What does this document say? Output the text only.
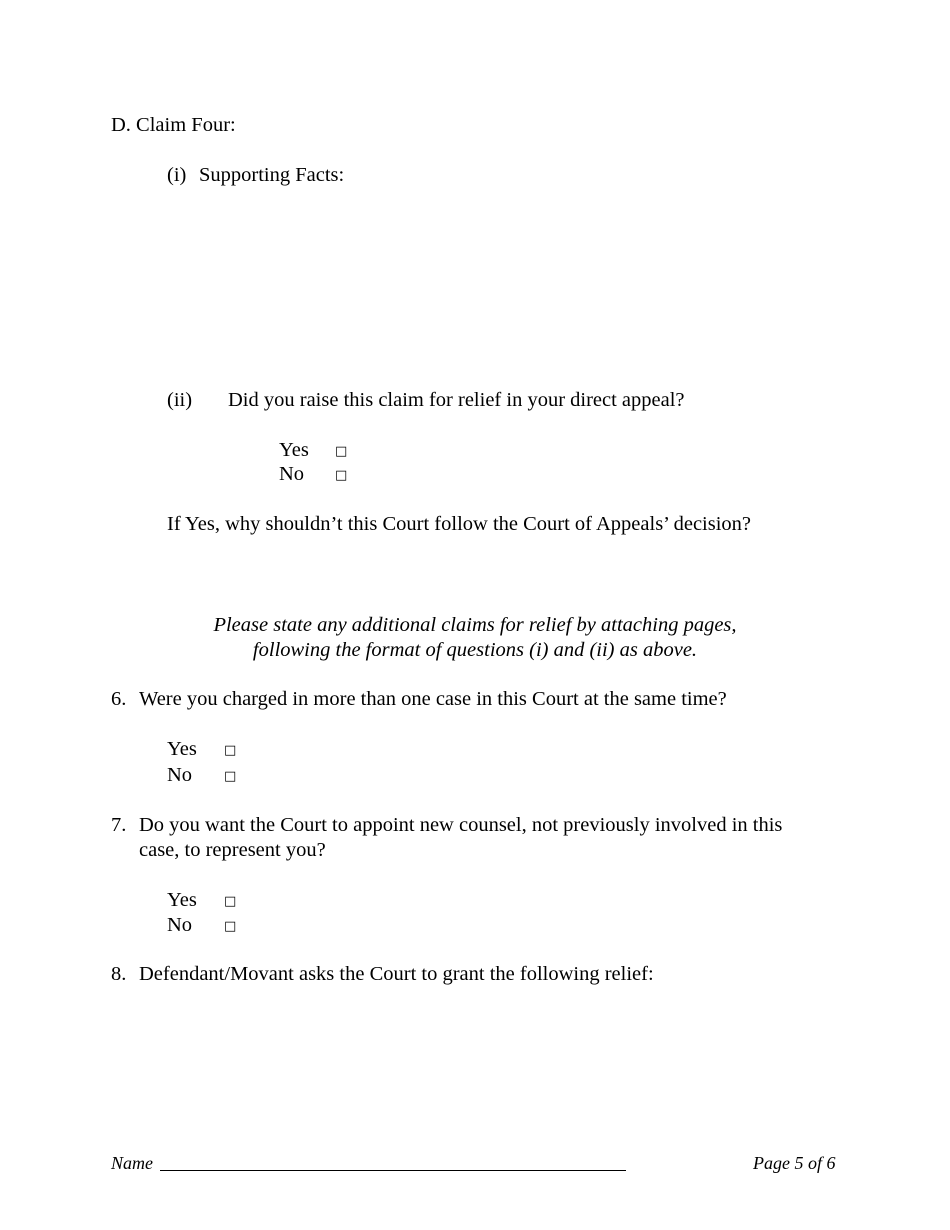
D. Claim Four:
(i) Supporting Facts:
(ii) Did you raise this claim for relief in your direct appeal?
Yes □
No □
If Yes, why shouldn’t this Court follow the Court of Appeals’ decision?
Please state any additional claims for relief by attaching pages,
following the format of questions (i) and (ii) as above.
6. Were you charged in more than one case in this Court at the same time?
Yes □
No □
7. Do you want the Court to appoint new counsel, not previously involved in this
case, to represent you?
Yes □
No □
8. Defendant/Movant asks the Court to grant the following relief:
Name	Page 5 of 6
